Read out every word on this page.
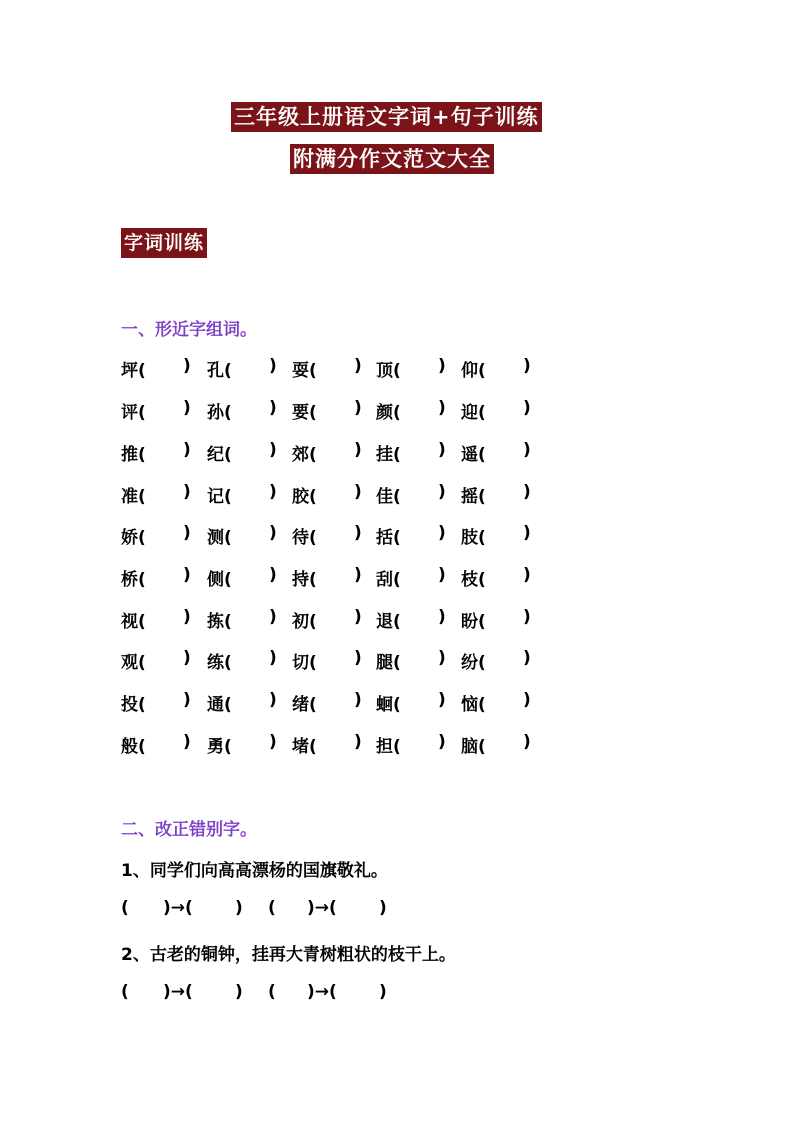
三年级上册语文字词+句子训练
附满分作文范文大全
字词训练
一、形近字组词。
坪( ) 孔( ) 耍( ) 顶( ) 仰( )
评( ) 孙( ) 要( ) 颜( ) 迎( )
推( ) 纪( ) 郊( ) 挂( ) 遥( )
准( ) 记( ) 胶( ) 佳( ) 摇( )
娇( ) 测( ) 待( ) 括( ) 肢( )
桥( ) 侧( ) 持( ) 刮( ) 枝( )
视( ) 拣( ) 初( ) 退( ) 盼( )
观( ) 练( ) 切( ) 腿( ) 纷( )
投( ) 通( ) 绪( ) 蛔( ) 恼( )
般( ) 勇( ) 堵( ) 担( ) 脑( )
二、改正错别字。
1、同学们向高高漂杨的国旗敬礼。
( )→( ) ( )→( )
2、古老的铜钟，挂再大青树粗状的枝干上。
( )→( ) ( )→( )
